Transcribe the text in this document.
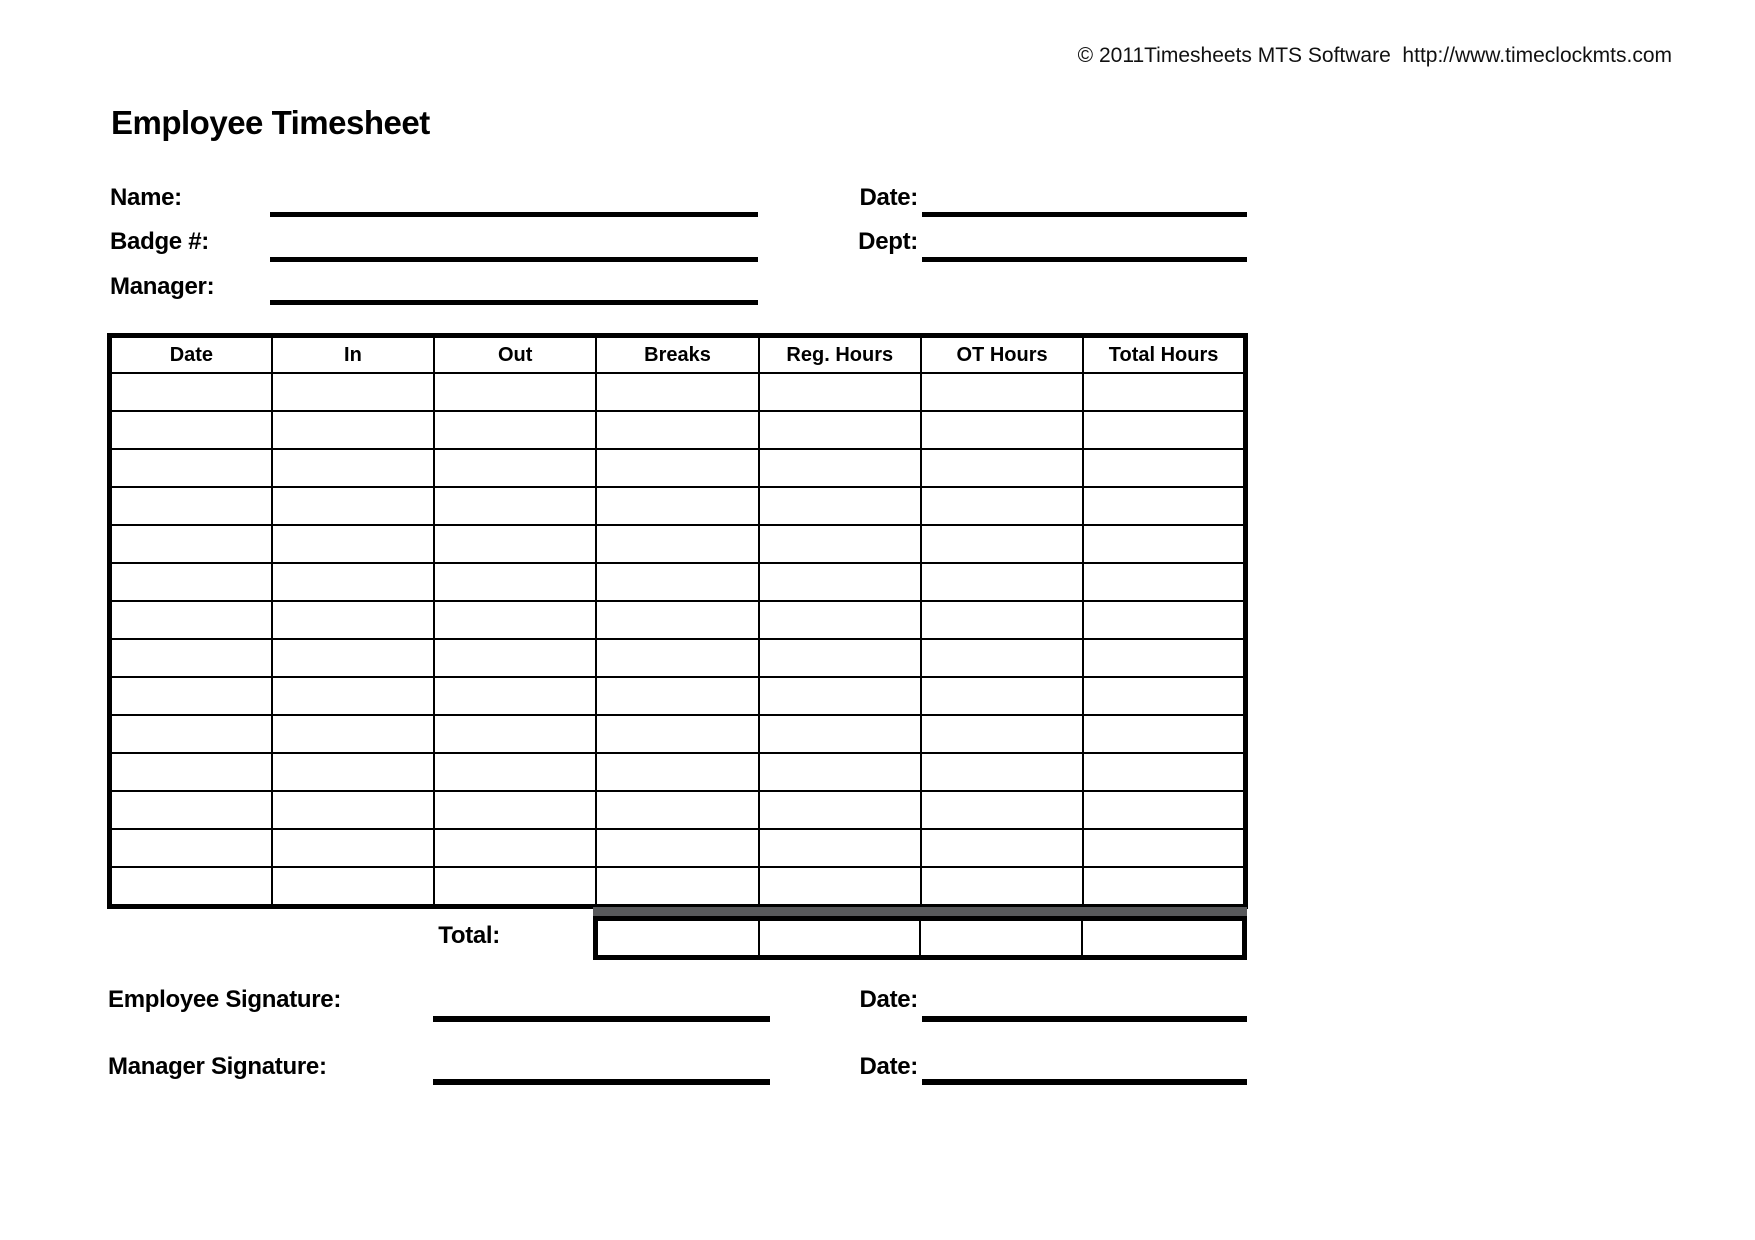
© 2011Timesheets MTS Software  http://www.timeclockmts.com
Employee Timesheet
Name:
Badge #:
Manager:
Date:
Dept:
Date	In	Out	Breaks	Reg. Hours	OT Hours	Total Hours

Total:
Employee Signature:	Date:
Manager Signature:	Date:
